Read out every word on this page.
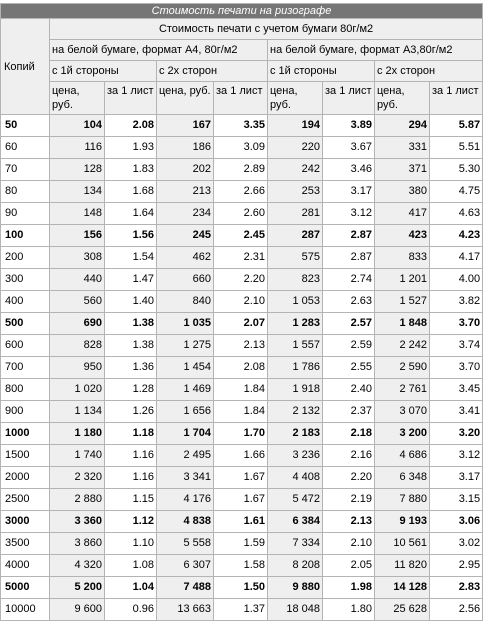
Стоимость печати на ризографе								
Копий	Стоимость печати с учетом бумаги 80г/м2							
	на белой бумаге, формат А4, 80г/м2				на белой бумаге, формат А3,80г/м2			
	с 1й стороны		с 2х сторон		с 1й стороны		с 2х сторон	
	цена, руб.	за 1 лист	цена, руб.	за 1 лист	цена, руб.	за 1 лист	цена, руб.	за 1 лист
50	104	2.08	167	3.35	194	3.89	294	5.87
60	116	1.93	186	3.09	220	3.67	331	5.51
70	128	1.83	202	2.89	242	3.46	371	5.30
80	134	1.68	213	2.66	253	3.17	380	4.75
90	148	1.64	234	2.60	281	3.12	417	4.63
100	156	1.56	245	2.45	287	2.87	423	4.23
200	308	1.54	462	2.31	575	2.87	833	4.17
300	440	1.47	660	2.20	823	2.74	1 201	4.00
400	560	1.40	840	2.10	1 053	2.63	1 527	3.82
500	690	1.38	1 035	2.07	1 283	2.57	1 848	3.70
600	828	1.38	1 275	2.13	1 557	2.59	2 242	3.74
700	950	1.36	1 454	2.08	1 786	2.55	2 590	3.70
800	1 020	1.28	1 469	1.84	1 918	2.40	2 761	3.45
900	1 134	1.26	1 656	1.84	2 132	2.37	3 070	3.41
1000	1 180	1.18	1 704	1.70	2 183	2.18	3 200	3.20
1500	1 740	1.16	2 495	1.66	3 236	2.16	4 686	3.12
2000	2 320	1.16	3 341	1.67	4 408	2.20	6 348	3.17
2500	2 880	1.15	4 176	1.67	5 472	2.19	7 880	3.15
3000	3 360	1.12	4 838	1.61	6 384	2.13	9 193	3.06
3500	3 860	1.10	5 558	1.59	7 334	2.10	10 561	3.02
4000	4 320	1.08	6 307	1.58	8 208	2.05	11 820	2.95
5000	5 200	1.04	7 488	1.50	9 880	1.98	14 128	2.83
10000	9 600	0.96	13 663	1.37	18 048	1.80	25 628	2.56
